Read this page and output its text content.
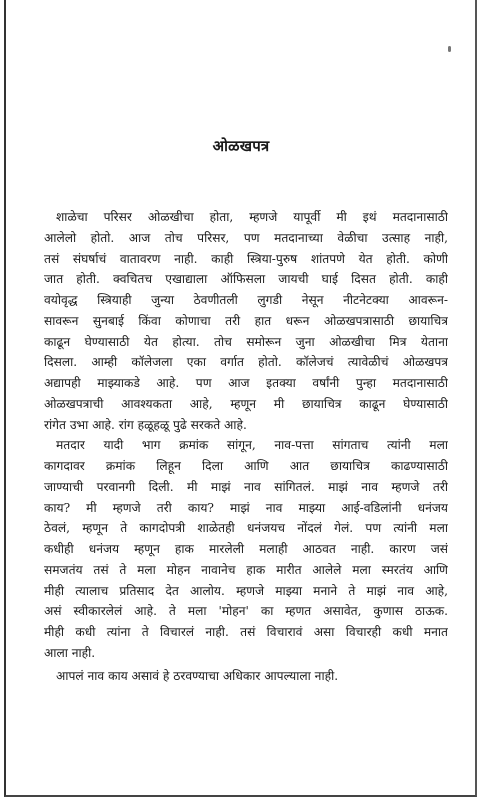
ओळखपत्र
शाळेचा परिसर ओळखीचा होता, म्हणजे यापूर्वी मी इथं मतदानासाठी
आलेलो होतो. आज तोच परिसर, पण मतदानाच्या वेळीचा उत्साह नाही,
तसं संघर्षाचं वातावरण नाही. काही स्त्रिया-पुरुष शांतपणे येत होती. कोणी
जात होती. क्वचितच एखाद्याला ऑफिसला जायची घाई दिसत होती. काही
वयोवृद्ध स्त्रियाही जुन्या ठेवणीतली लुगडी नेसून नीटनेटक्या आवरून-
सावरून सुनबाई किंवा कोणाचा तरी हात धरून ओळखपत्रासाठी छायाचित्र
काढून घेण्यासाठी येत होत्या. तोच समोरून जुना ओळखीचा मित्र येताना
दिसला. आम्ही कॉलेजला एका वर्गात होतो. कॉलेजचं त्यावेळीचं ओळखपत्र
अद्यापही माझ्याकडे आहे. पण आज इतक्या वर्षांनी पुन्हा मतदानासाठी
ओळखपत्राची आवश्यकता आहे, म्हणून मी छायाचित्र काढून घेण्यासाठी
रांगेत उभा आहे. रांग हळूहळू पुढे सरकते आहे.
मतदार यादी भाग क्रमांक सांगून, नाव-पत्ता सांगताच त्यांनी मला
कागदावर क्रमांक लिहून दिला आणि आत छायाचित्र काढण्यासाठी
जाण्याची परवानगी दिली. मी माझं नाव सांगितलं. माझं नाव म्हणजे तरी
काय? मी म्हणजे तरी काय? माझं नाव माझ्या आई-वडिलांनी धनंजय
ठेवलं, म्हणून ते कागदोपत्री शाळेतही धनंजयच नोंदलं गेलं. पण त्यांनी मला
कधीही धनंजय म्हणून हाक मारलेली मलाही आठवत नाही. कारण जसं
समजतंय तसं ते मला मोहन नावानेच हाक मारीत आलेले मला स्मरतंय आणि
मीही त्यालाच प्रतिसाद देत आलोय. म्हणजे माझ्या मनाने ते माझं नाव आहे,
असं स्वीकारलेलं आहे. ते मला 'मोहन' का म्हणत असावेत, कुणास ठाऊक.
मीही कधी त्यांना ते विचारलं नाही. तसं विचारावं असा विचारही कधी मनात
आला नाही.
आपलं नाव काय असावं हे ठरवण्याचा अधिकार आपल्याला नाही.
